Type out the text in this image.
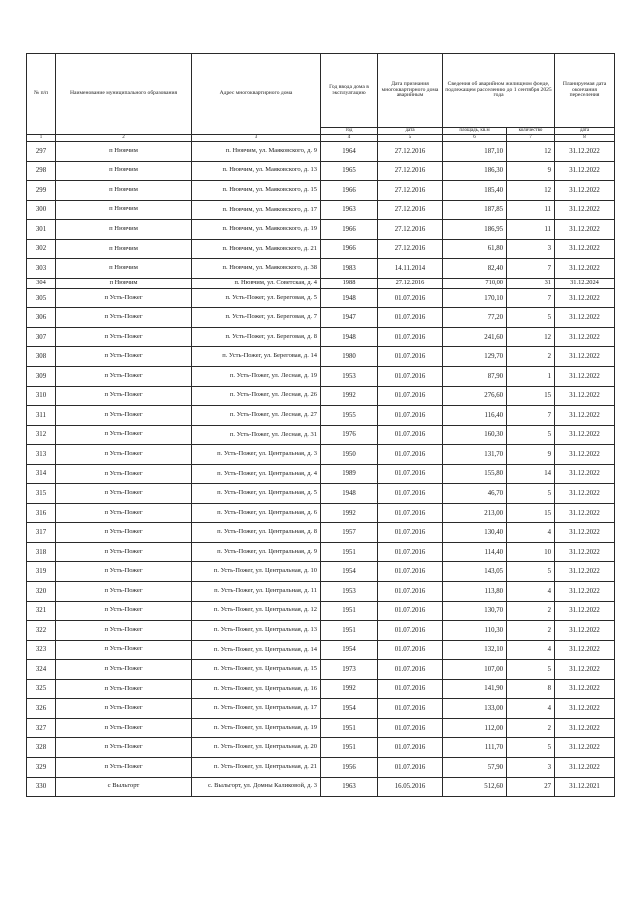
№ п/п	Наименование муниципального образования	Адрес многоквартирного дома	Год ввода дома в эксплуатацию	Дата признания многоквартирного дома аварийным	Сведения об аварийном жилищном фонде, подлежащем расселению до 1 сентября 2025 года		Планируемая дата окончания переселения
			год	дата	площадь, кв.м	количество	дата
1	2	3	4	5	6	7	8
297	п Нювчим	п. Нювчим, ул. Маяковского, д. 9	1964	27.12.2016	187,10	12	31.12.2022
298	п Нювчим	п. Нювчим, ул. Маяковского, д. 13	1965	27.12.2016	186,30	9	31.12.2022
299	п Нювчим	п. Нювчим, ул. Маяковского, д. 15	1966	27.12.2016	185,40	12	31.12.2022
300	п Нювчим	п. Нювчим, ул. Маяковского, д. 17	1963	27.12.2016	187,85	11	31.12.2022
301	п Нювчим	п. Нювчим, ул. Маяковского, д. 19	1966	27.12.2016	186,95	11	31.12.2022
302	п Нювчим	п. Нювчим, ул. Маяковского, д. 21	1966	27.12.2016	61,80	3	31.12.2022
303	п Нювчим	п. Нювчим, ул. Маяковского, д. 38	1983	14.11.2014	82,40	7	31.12.2022
304	п Нювчим	п. Нювчим, ул. Советская, д. 4	1988	27.12.2016	710,00	31	31.12.2024
305	п Усть-Пожег	п. Усть-Пожег, ул. Береговая, д. 5	1948	01.07.2016	170,10	7	31.12.2022
306	п Усть-Пожег	п. Усть-Пожег, ул. Береговая, д. 7	1947	01.07.2016	77,20	5	31.12.2022
307	п Усть-Пожег	п. Усть-Пожег, ул. Береговая, д. 8	1948	01.07.2016	241,60	12	31.12.2022
308	п Усть-Пожег	п. Усть-Пожег, ул. Береговая, д. 14	1980	01.07.2016	129,70	2	31.12.2022
309	п Усть-Пожег	п. Усть-Пожег, ул. Лесная, д. 19	1953	01.07.2016	87,90	1	31.12.2022
310	п Усть-Пожег	п. Усть-Пожег, ул. Лесная, д. 26	1992	01.07.2016	276,60	15	31.12.2022
311	п Усть-Пожег	п. Усть-Пожег, ул. Лесная, д. 27	1955	01.07.2016	116,40	7	31.12.2022
312	п Усть-Пожег	п. Усть-Пожег, ул. Лесная, д. 31	1976	01.07.2016	160,30	5	31.12.2022
313	п Усть-Пожег	п. Усть-Пожег, ул. Центральная, д. 3	1950	01.07.2016	131,70	9	31.12.2022
314	п Усть-Пожег	п. Усть-Пожег, ул. Центральная, д. 4	1989	01.07.2016	155,80	14	31.12.2022
315	п Усть-Пожег	п. Усть-Пожег, ул. Центральная, д. 5	1948	01.07.2016	46,70	5	31.12.2022
316	п Усть-Пожег	п. Усть-Пожег, ул. Центральная, д. 6	1992	01.07.2016	213,00	15	31.12.2022
317	п Усть-Пожег	п. Усть-Пожег, ул. Центральная, д. 8	1957	01.07.2016	130,40	4	31.12.2022
318	п Усть-Пожег	п. Усть-Пожег, ул. Центральная, д. 9	1951	01.07.2016	114,40	10	31.12.2022
319	п Усть-Пожег	п. Усть-Пожег, ул. Центральная, д. 10	1954	01.07.2016	143,05	5	31.12.2022
320	п Усть-Пожег	п. Усть-Пожег, ул. Центральная, д. 11	1953	01.07.2016	113,80	4	31.12.2022
321	п Усть-Пожег	п. Усть-Пожег, ул. Центральная, д. 12	1951	01.07.2016	130,70	2	31.12.2022
322	п Усть-Пожег	п. Усть-Пожег, ул. Центральная, д. 13	1951	01.07.2016	110,30	2	31.12.2022
323	п Усть-Пожег	п. Усть-Пожег, ул. Центральная, д. 14	1954	01.07.2016	132,10	4	31.12.2022
324	п Усть-Пожег	п. Усть-Пожег, ул. Центральная, д. 15	1973	01.07.2016	107,00	5	31.12.2022
325	п Усть-Пожег	п. Усть-Пожег, ул. Центральная, д. 16	1992	01.07.2016	141,90	8	31.12.2022
326	п Усть-Пожег	п. Усть-Пожег, ул. Центральная, д. 17	1954	01.07.2016	133,00	4	31.12.2022
327	п Усть-Пожег	п. Усть-Пожег, ул. Центральная, д. 19	1951	01.07.2016	112,00	2	31.12.2022
328	п Усть-Пожег	п. Усть-Пожег, ул. Центральная, д. 20	1951	01.07.2016	111,70	5	31.12.2022
329	п Усть-Пожег	п. Усть-Пожег, ул. Центральная, д. 21	1956	01.07.2016	57,90	3	31.12.2022
330	с Выльгорт	с. Выльгорт, ул. Домны Каликовой, д. 3	1963	16.05.2016	512,60	27	31.12.2021
